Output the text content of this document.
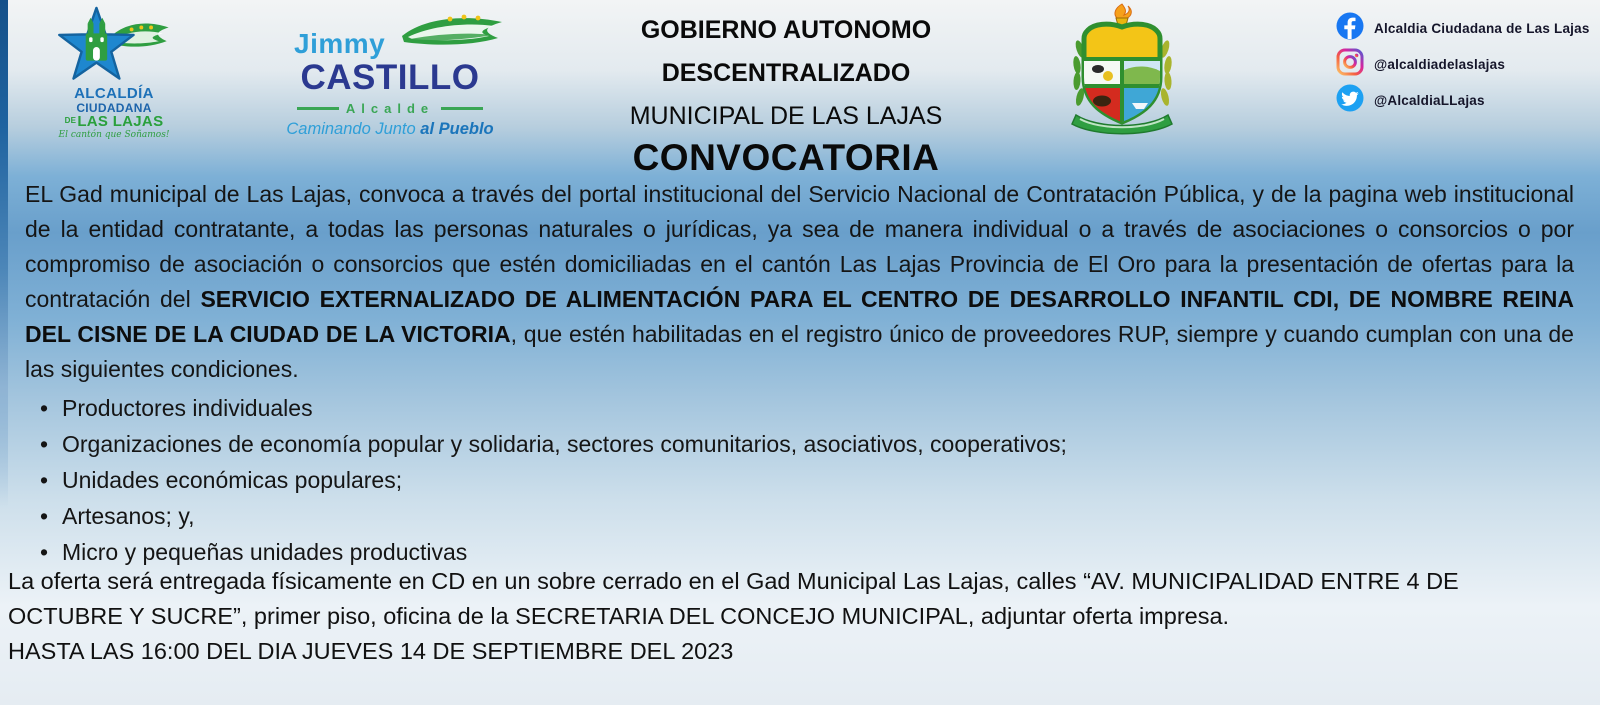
ALCALDÍA
CIUDADANA
$^{DE}$LAS LAJAS
El cantón que Soñamos!
Jimmy
CASTILLO
Alcalde
Caminando Junto al Pueblo

GOBIERNO AUTONOMO

DESCENTRALIZADO

MUNICIPAL DE LAS LAJAS

CONVOCATORIA

Alcaldia Ciudadana de Las Lajas
@alcaldiadelaslajas
@AlcaldiaLLajas

EL Gad municipal de Las Lajas, convoca a través del portal institucional del Servicio Nacional de Contratación Pública, y de la pagina web institucional de la entidad contratante, a todas las personas naturales o jurídicas, ya sea de manera individual o a través de asociaciones o consorcios o por compromiso de asociación o consorcios que estén domiciliadas en el cantón Las Lajas Provincia de El Oro para la presentación de ofertas para la contratación del SERVICIO EXTERNALIZADO DE ALIMENTACIÓN PARA EL CENTRO DE DESARROLLO INFANTIL CDI, DE NOMBRE REINA DEL CISNE DE LA CIUDAD DE LA VICTORIA, que estén habilitadas en el registro único de proveedores RUP, siempre y cuando cumplan con una de las siguientes condiciones.

• Productores individuales
• Organizaciones de economía popular y solidaria, sectores comunitarios, asociativos, cooperativos;
• Unidades económicas populares;
• Artesanos; y,
• Micro y pequeñas unidades productivas

La oferta será entregada físicamente en CD en un sobre cerrado en el Gad Municipal Las Lajas, calles “AV. MUNICIPALIDAD ENTRE 4 DE OCTUBRE Y SUCRE”, primer piso, oficina de la SECRETARIA DEL CONCEJO MUNICIPAL, adjuntar oferta impresa.

HASTA LAS 16:00 DEL DIA JUEVES 14 DE SEPTIEMBRE DEL 2023
